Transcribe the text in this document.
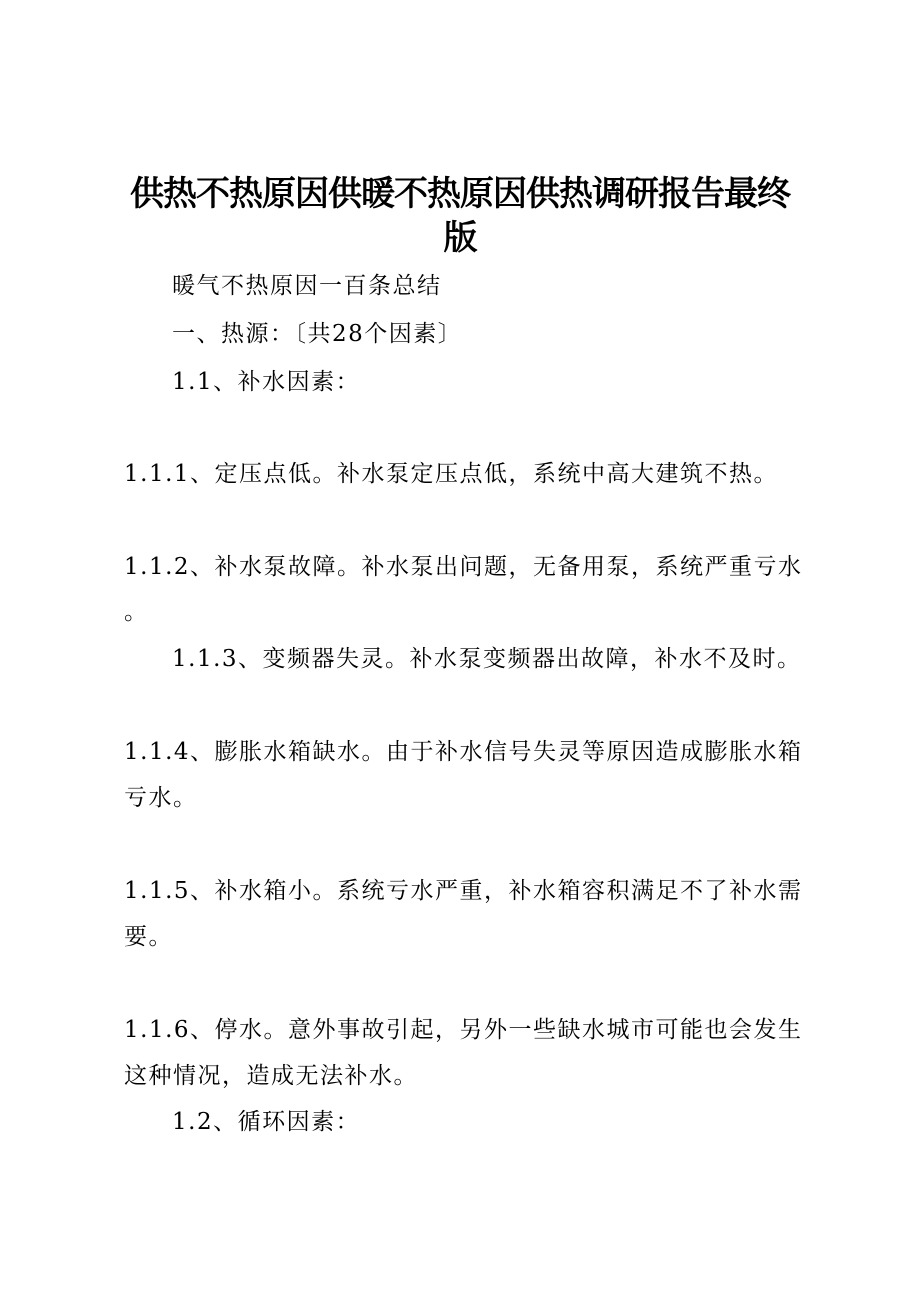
供热不热原因供暖不热原因供热调研报告最终
版
暖气不热原因一百条总结
一、热源：〔共28个因素〕
1.1、补水因素：
1.1.1、定压点低。补水泵定压点低，系统中高大建筑不热。
1.1.2、补水泵故障。补水泵出问题，无备用泵，系统严重亏水
。
1.1.3、变频器失灵。补水泵变频器出故障，补水不及时。
1.1.4、膨胀水箱缺水。由于补水信号失灵等原因造成膨胀水箱
亏水。
1.1.5、补水箱小。系统亏水严重，补水箱容积满足不了补水需
要。
1.1.6、停水。意外事故引起，另外一些缺水城市可能也会发生
这种情况，造成无法补水。
1.2、循环因素：
